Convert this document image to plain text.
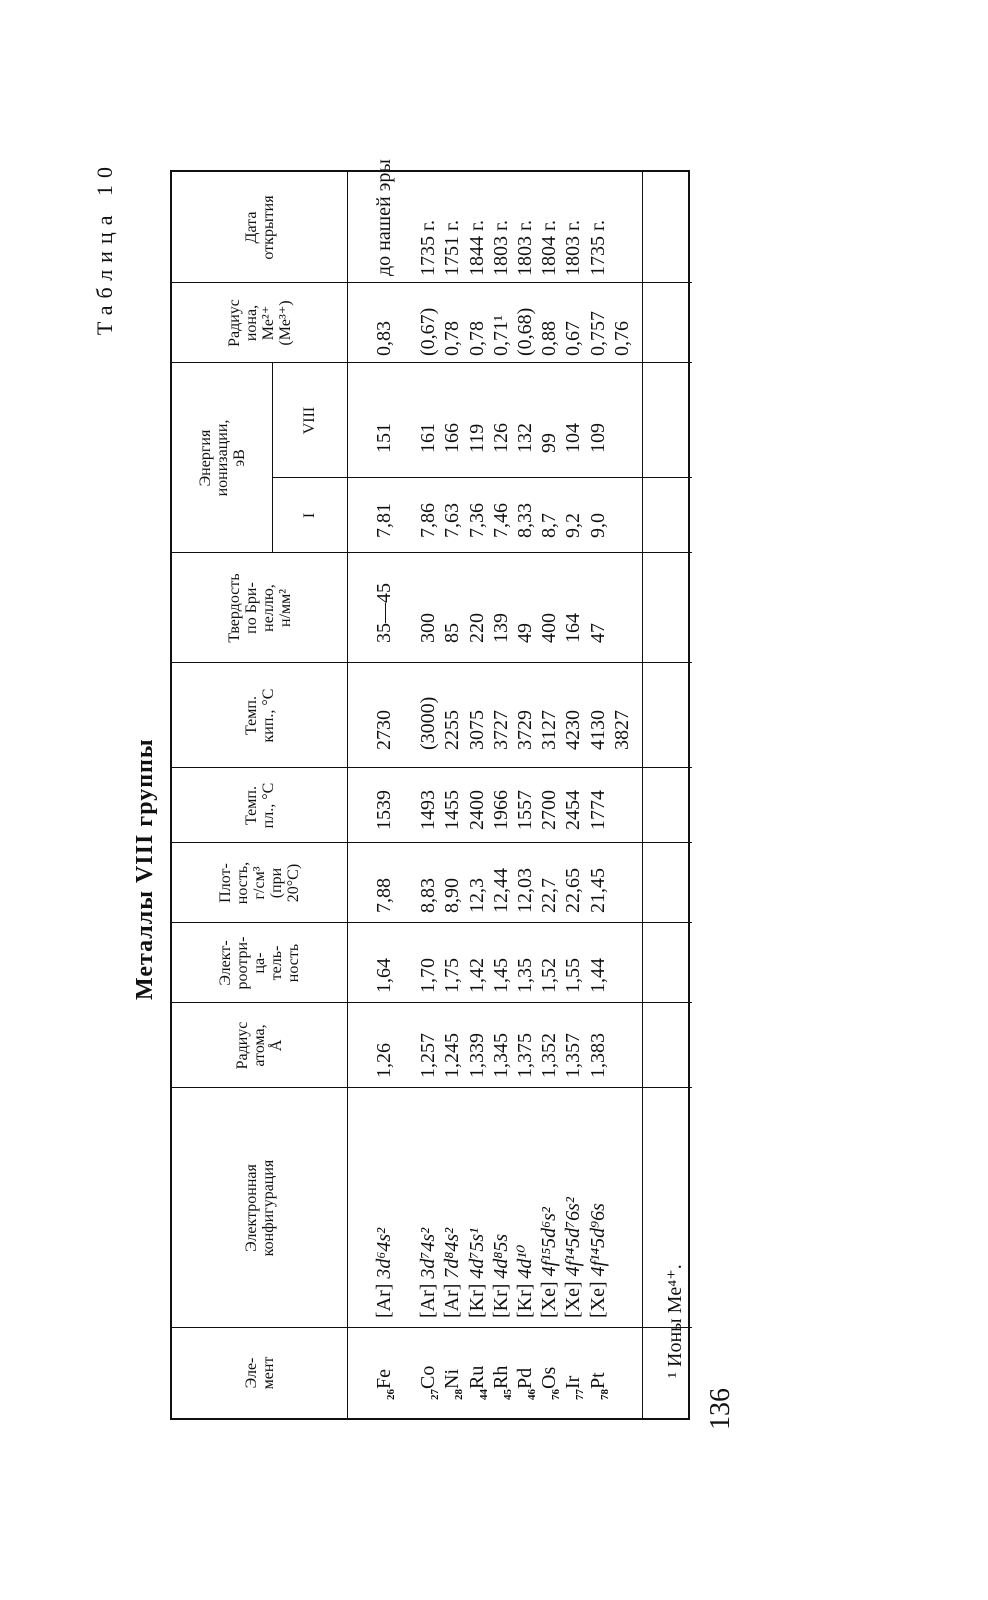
Таблица 10
Металлы VIII группы
Эле-
мент
Электронная
конфигурация
Радиус
атома,
Å
Элект-
роотри-
ца-
тель-
ность
Плот-
ность,
г/см³
(при
20°С)
Темп.
пл., °С
Темп.
кип., °С
Твердость
по Бри-
неллю,
н/мм²
Энергия
ионизации,
эВ
I
VIII
Радиус
иона,
Me²⁺
(Me³⁺)
Дата
открытия
$_{26}$Fe
$_{27}$Co
$_{28}$Ni
$_{44}$Ru
$_{45}$Rh
$_{46}$Pd
$_{76}$Os
$_{77}$Ir
$_{78}$Pt
[Ar] 3d⁶4s²
[Ar] 3d⁷4s²
[Ar] 7d⁸4s²
[Kr] 4d⁷5s¹
[Kr] 4d⁸5s
[Kr] 4d¹⁰
[Xe] 4f¹⁵5d⁶s²
[Xe] 4f¹⁴5d⁷6s²
[Xe] 4f¹⁴5d⁹6s
1,26 1,257 1,245 1,339 1,345 1,375 1,352 1,357 1,383
1,64 1,70 1,75 1,42 1,45 1,35 1,52 1,55 1,44
7,88 8,83 8,90 12,3 12,44 12,03 22,7 22,65 21,45
1539 1493 1455 2400 1966 1557 2700 2454 1774
2730 (3000) 2255 3075 3727 3729 3127 4230 4130 3827
35—45 300 85 220 139 49 400 164 47
7,81 7,86 7,63 7,36 7,46 8,33 8,7 9,2 9,0
151 161 166 119 126 132 99 104 109
0,83 (0,67) 0,78 0,78 0,71¹ (0,68) 0,88 0,67 0,757 0,76
до нашей эры 1735 г. 1751 г. 1844 г. 1803 г. 1803 г. 1804 г. 1803 г. 1735 г.
¹ Ионы Me⁴⁺.
136
